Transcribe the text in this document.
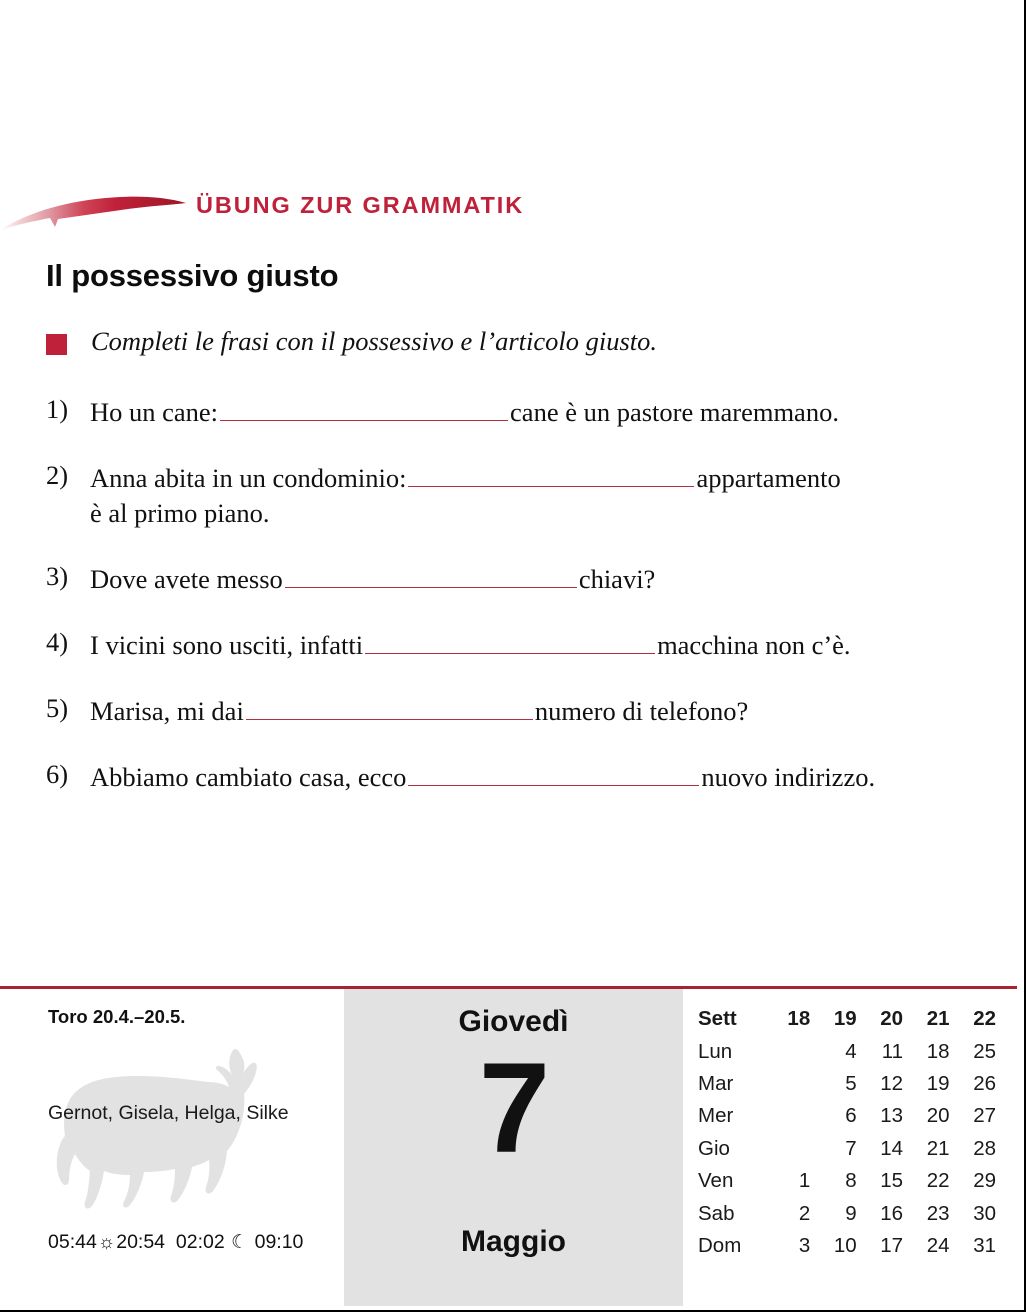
ÜBUNG ZUR GRAMMATIK
Il possessivo giusto
Completi le frasi con il possessivo e l’articolo giusto.
1) Ho un cane:	cane è un pastore maremmano.
2) Anna abita in un condominio:	appartamento
è al primo piano.
3) Dove avete messo	chiavi?
4) I vicini sono usciti, infatti	macchina non c’è.
5) Marisa, mi dai	numero di telefono?
6) Abbiamo cambiato casa, ecco	nuovo indirizzo.
Toro 20.4.–20.5.
Gernot, Gisela, Helga, Silke
05:44☼20:54 02:02 ☾ 09:10
Giovedì
7
Maggio
Sett	18	19	20	21	22
Lun		4	11	18	25
Mar		5	12	19	26
Mer		6	13	20	27
Gio		7	14	21	28
Ven	1	8	15	22	29
Sab	2	9	16	23	30
Dom	3	10	17	24	31
